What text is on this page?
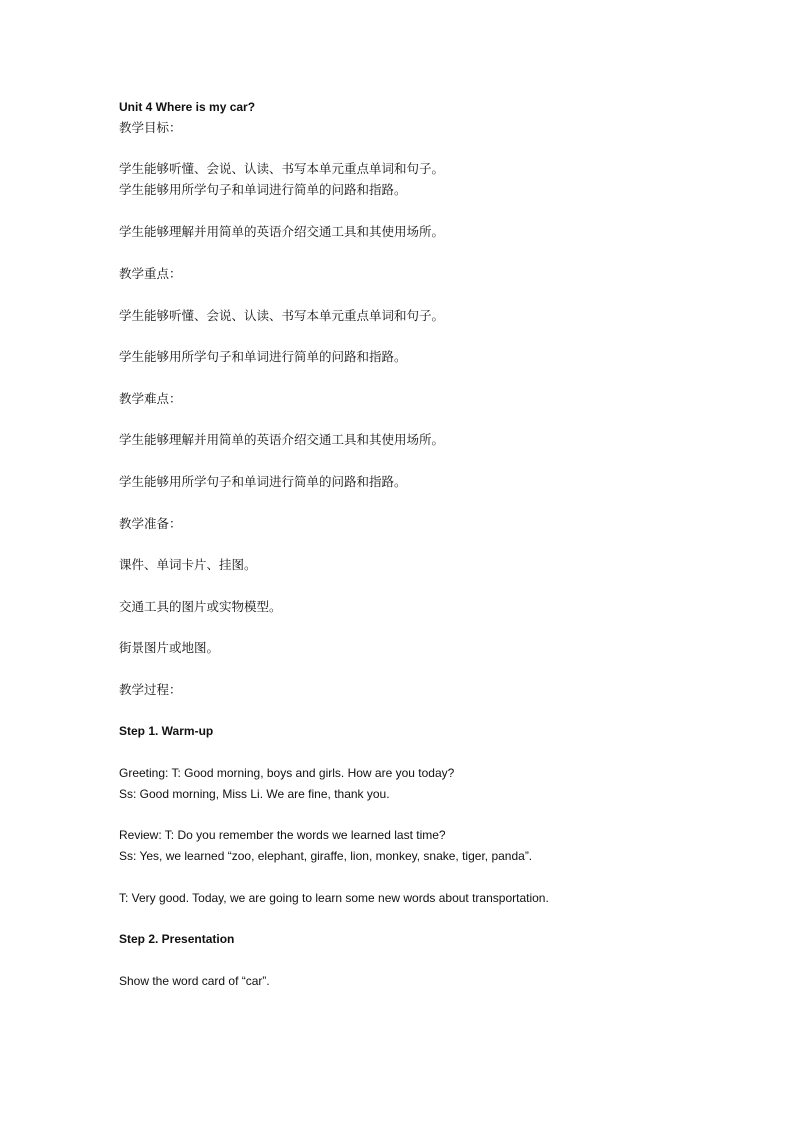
Unit 4 Where is my car?
教学目标：
学生能够听懂、会说、认读、书写本单元重点单词和句子。
学生能够用所学句子和单词进行简单的问路和指路。
学生能够理解并用简单的英语介绍交通工具和其使用场所。
教学重点：
学生能够听懂、会说、认读、书写本单元重点单词和句子。
学生能够用所学句子和单词进行简单的问路和指路。
教学难点：
学生能够理解并用简单的英语介绍交通工具和其使用场所。
学生能够用所学句子和单词进行简单的问路和指路。
教学准备：
课件、单词卡片、挂图。
交通工具的图片或实物模型。
街景图片或地图。
教学过程：
Step 1. Warm-up
Greeting: T: Good morning, boys and girls. How are you today?
Ss: Good morning, Miss Li. We are fine, thank you.
Review: T: Do you remember the words we learned last time?
Ss: Yes, we learned “zoo, elephant, giraffe, lion, monkey, snake, tiger, panda”.
T: Very good. Today, we are going to learn some new words about transportation.
Step 2. Presentation
Show the word card of “car”.
